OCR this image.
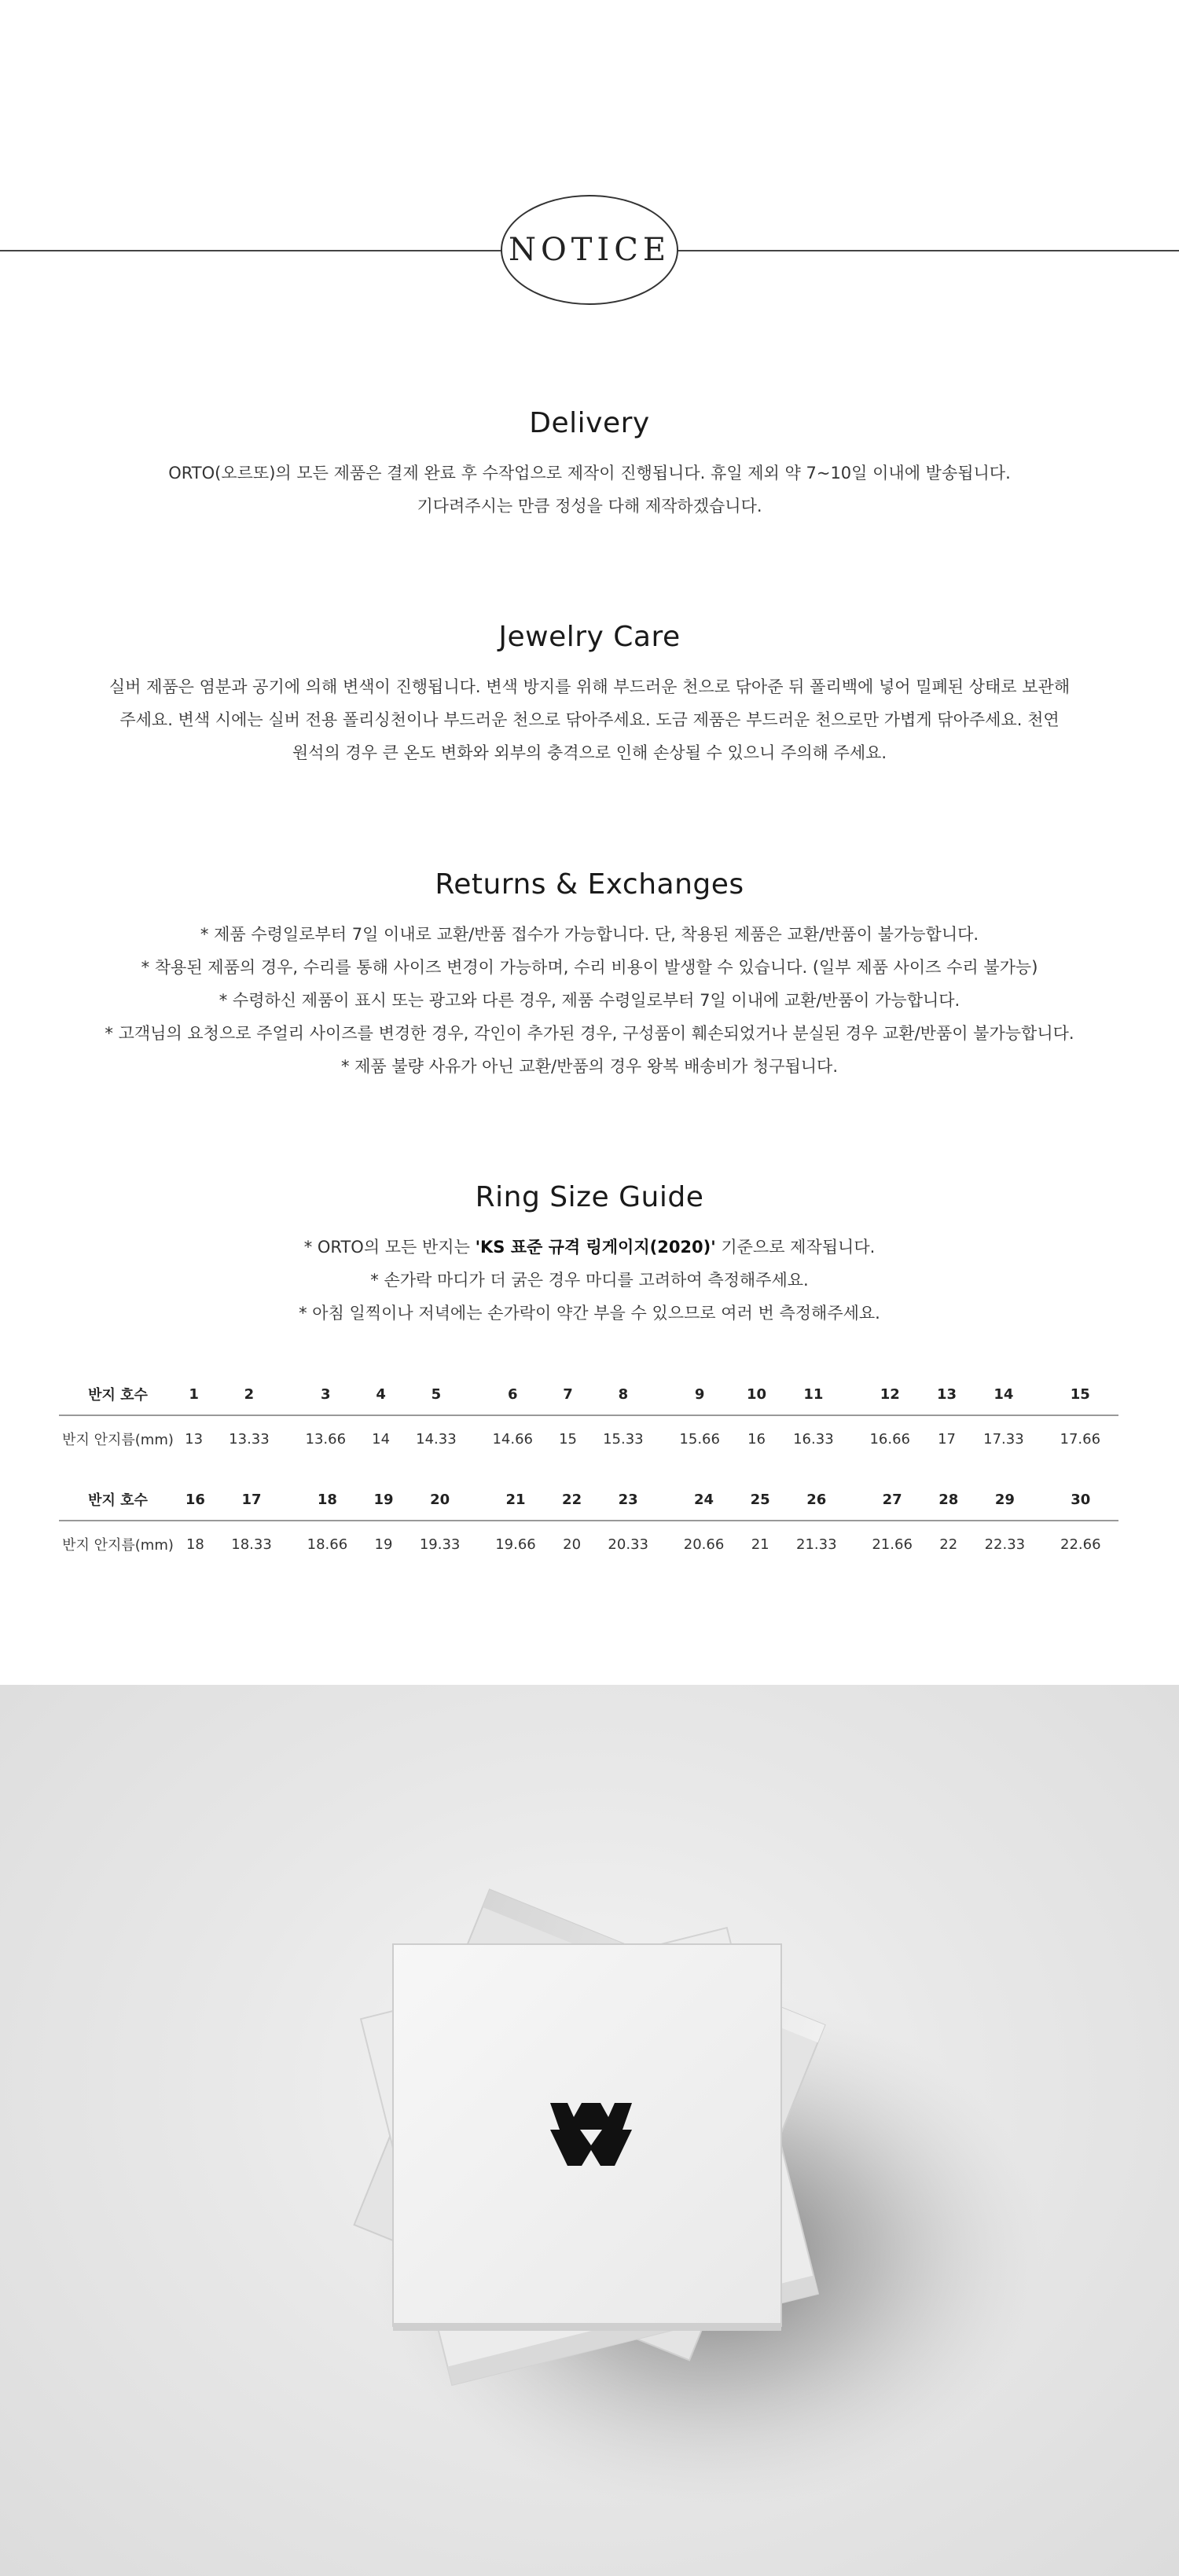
NOTICE
Delivery

ORTO(오르또)의 모든 제품은 결제 완료 후 수작업으로 제작이 진행됩니다. 휴일 제외 약 7~10일 이내에 발송됩니다.

기다려주시는 만큼 정성을 다해 제작하겠습니다.

Jewelry Care

실버 제품은 염분과 공기에 의해 변색이 진행됩니다. 변색 방지를 위해 부드러운 천으로 닦아준 뒤 폴리백에 넣어 밀폐된 상태로 보관해

주세요. 변색 시에는 실버 전용 폴리싱천이나 부드러운 천으로 닦아주세요. 도금 제품은 부드러운 천으로만 가볍게 닦아주세요. 천연

원석의 경우 큰 온도 변화와 외부의 충격으로 인해 손상될 수 있으니 주의해 주세요.

Returns & Exchanges

* 제품 수령일로부터 7일 이내로 교환/반품 접수가 가능합니다. 단, 착용된 제품은 교환/반품이 불가능합니다.

* 착용된 제품의 경우, 수리를 통해 사이즈 변경이 가능하며, 수리 비용이 발생할 수 있습니다. (일부 제품 사이즈 수리 불가능)

* 수령하신 제품이 표시 또는 광고와 다른 경우, 제품 수령일로부터 7일 이내에 교환/반품이 가능합니다.

* 고객님의 요청으로 주얼리 사이즈를 변경한 경우, 각인이 추가된 경우, 구성품이 훼손되었거나 분실된 경우 교환/반품이 불가능합니다.

* 제품 불량 사유가 아닌 교환/반품의 경우 왕복 배송비가 청구됩니다.

Ring Size Guide

* ORTO의 모든 반지는 'KS 표준 규격 링게이지(2020)' 기준으로 제작됩니다.

* 손가락 마디가 더 굵은 경우 마디를 고려하여 측정해주세요.

* 아침 일찍이나 저녁에는 손가락이 약간 부을 수 있으므로 여러 번 측정해주세요.

반지 호수	1	2	3	4	5	6	7	8	9	10	11	12	13	14	15
반지 안지름(mm)	13	13.33	13.66	14	14.33	14.66	15	15.33	15.66	16	16.33	16.66	17	17.33	17.66
반지 호수	16	17	18	19	20	21	22	23	24	25	26	27	28	29	30
반지 안지름(mm)	18	18.33	18.66	19	19.33	19.66	20	20.33	20.66	21	21.33	21.66	22	22.33	22.66
